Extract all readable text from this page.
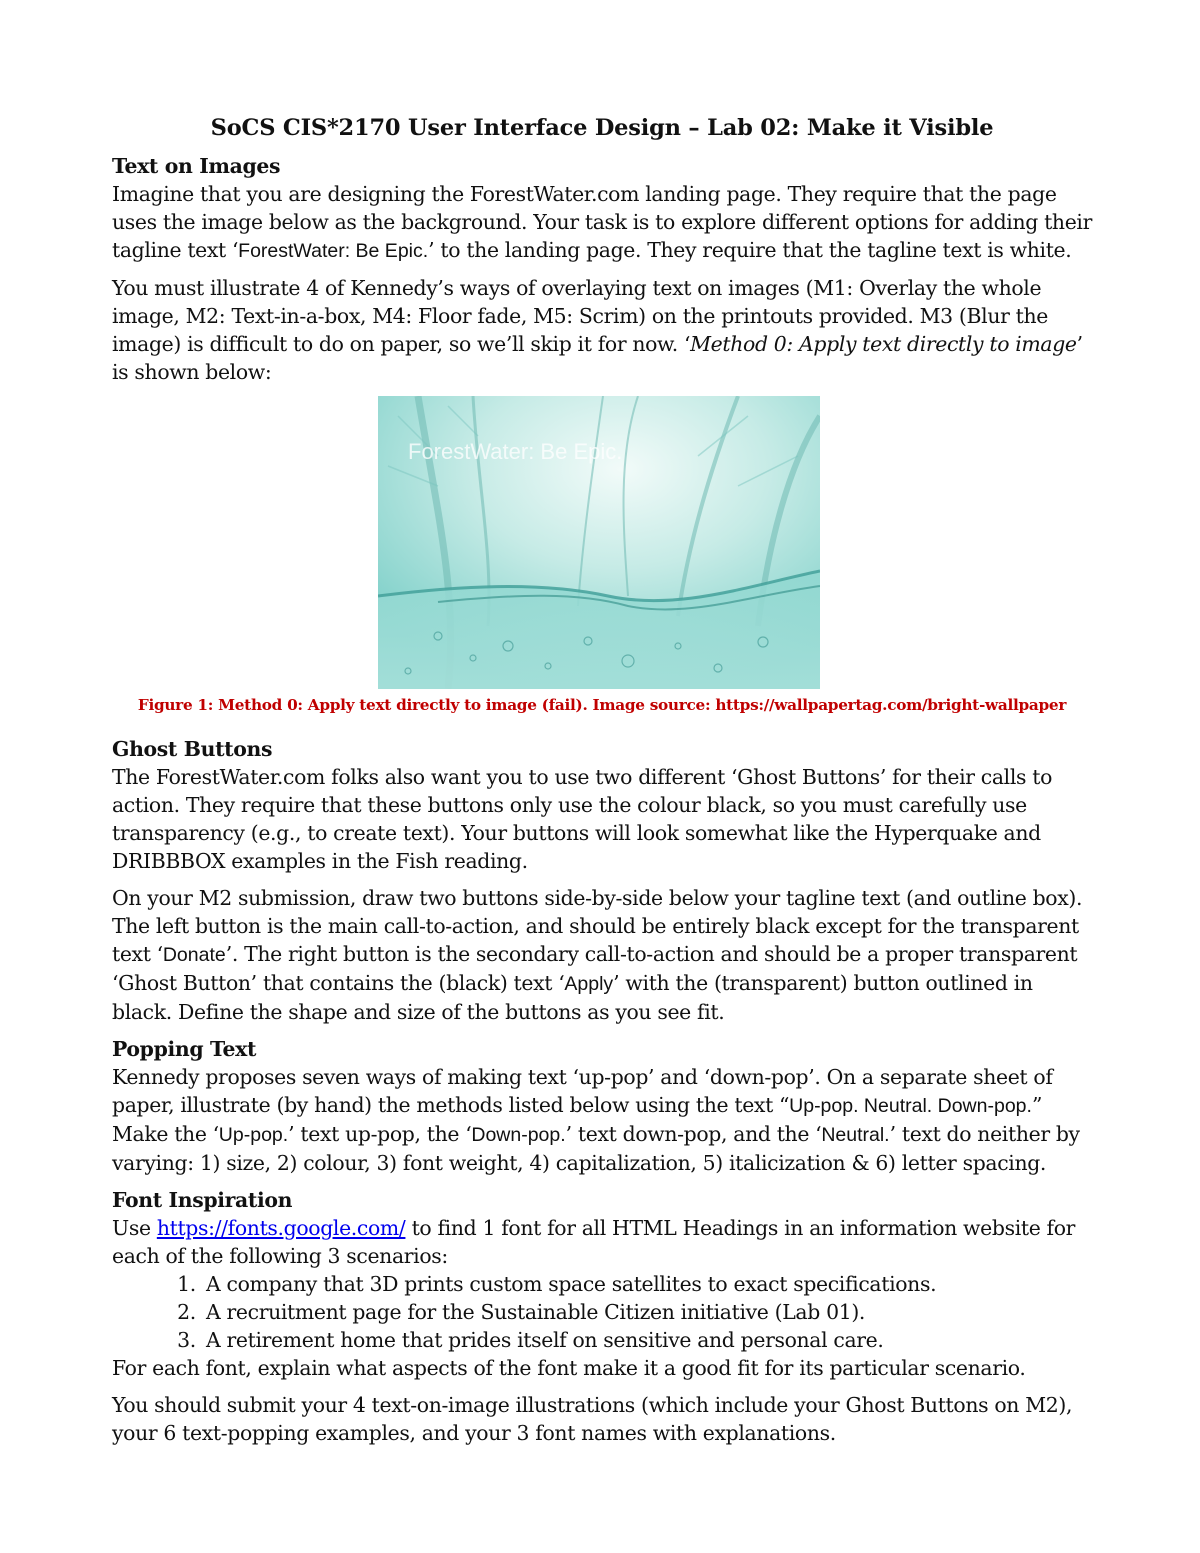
SoCS CIS*2170 User Interface Design – Lab 02: Make it Visible
Text on Images

Imagine that you are designing the ForestWater.com landing page. They require that the page uses the image below as the background. Your task is to explore different options for adding their tagline text ‘ForestWater: Be Epic.’ to the landing page. They require that the tagline text is white.

You must illustrate 4 of Kennedy’s ways of overlaying text on images (M1: Overlay the whole image, M2: Text-in-a-box, M4: Floor fade, M5: Scrim) on the printouts provided. M3 (Blur the image) is difficult to do on paper, so we’ll skip it for now. ‘Method 0: Apply text directly to image’ is shown below:

ForestWater: Be Epic.
Figure 1: Method 0: Apply text directly to image (fail). Image source: https://wallpapertag.com/bright-wallpaper
Ghost Buttons

The ForestWater.com folks also want you to use two different ‘Ghost Buttons’ for their calls to action. They require that these buttons only use the colour black, so you must carefully use transparency (e.g., to create text). Your buttons will look somewhat like the Hyperquake and DRIBBBOX examples in the Fish reading.

On your M2 submission, draw two buttons side-by-side below your tagline text (and outline box). The left button is the main call-to-action, and should be entirely black except for the transparent text ‘Donate’. The right button is the secondary call-to-action and should be a proper transparent ‘Ghost Button’ that contains the (black) text ‘Apply’ with the (transparent) button outlined in black. Define the shape and size of the buttons as you see fit.

Popping Text

Kennedy proposes seven ways of making text ‘up-pop’ and ‘down-pop’. On a separate sheet of paper, illustrate (by hand) the methods listed below using the text “Up-pop. Neutral. Down-pop.” Make the ‘Up-pop.’ text up-pop, the ‘Down-pop.’ text down-pop, and the ‘Neutral.’ text do neither by varying: 1) size, 2) colour, 3) font weight, 4) capitalization, 5) italicization & 6) letter spacing.

Font Inspiration
Use https://fonts.google.com/ to find 1 font for all HTML Headings in an information website for each of the following 3 scenarios:
1. A company that 3D prints custom space satellites to exact specifications.
2. A recruitment page for the Sustainable Citizen initiative (Lab 01).
3. A retirement home that prides itself on sensitive and personal care.

For each font, explain what aspects of the font make it a good fit for its particular scenario.

You should submit your 4 text-on-image illustrations (which include your Ghost Buttons on M2), your 6 text-popping examples, and your 3 font names with explanations.
